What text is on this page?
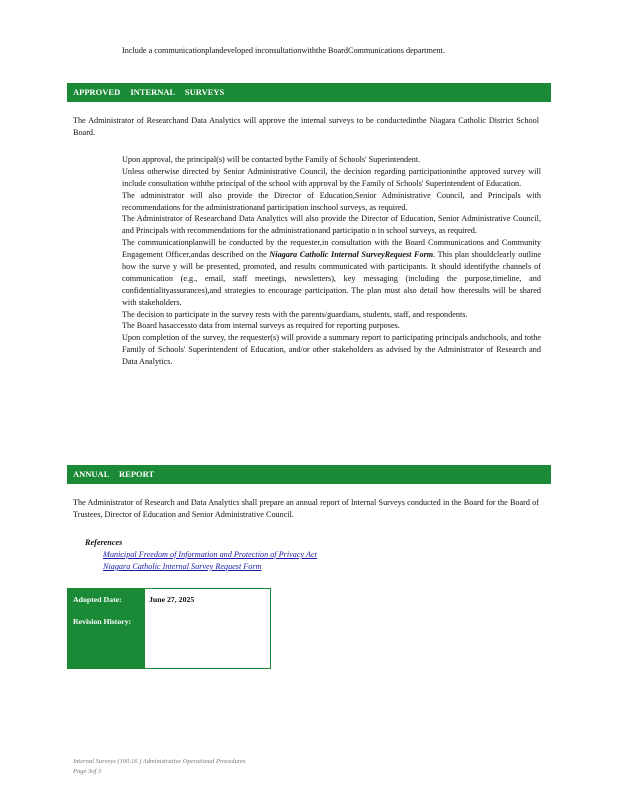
Include a communicationplandeveloped inconsultationwiththe BoardCommunications department.
APPROVED INTERNAL SURVEYS
The Administrator of Researchand Data Analytics will approve the internal surveys to be conductedinthe Niagara Catholic District School Board.
Upon approval, the principal(s) will be contacted bythe Family of Schools' Superintendent.
Unless otherwise directed by Senior Administrative Council, the decision regarding participationinthe approved survey will include consultation withthe principal of the school with approval by the Family of Schools' Superintendent of Education.
The administrator will also provide the Director of Education,Senior Administrative Council, and Principals with recommendations for the administrationand participation inschool surveys, as required.
The Administrator of Researchand Data Analytics will also provide the Director of Education, Senior Administrative Council, and Principals with recommendations for the administrationand participatio n in school surveys, as required.
The communicationplanwill be conducted by the requester,in consultation with the Board Communications and Community Engagement Officer,andas described on the Niagara Catholic Internal SurveyRequest Form. This plan shouldclearly outline how the surve y will be presented, promoted, and results communicated with participants. It should identifythe channels of communication (e.g., email, staff meetings, newsletters), key messaging (including the purpose,timeline, and confidentialityassurances),and strategies to encourage participation. The plan must also detail how theresults will be shared with stakeholders.
The decision to participate in the survey rests with the parents/guardians, students, staff, and respondents.
The Board hasaccessto data from internal surveys as required for reporting purposes.
Upon completion of the survey, the requester(s) will provide a summary report to participating principals andschools, and tothe Family of Schools' Superintendent of Education, and/or other stakeholders as advised by the Administrator of Research and Data Analytics.
ANNUAL REPORT
The Administrator of Research and Data Analytics shall prepare an annual report of Internal Surveys conducted in the Board for the Board of Trustees, Director of Education and Senior Administrative Council.
References
Municipal Freedom of Information and Protection of Privacy Act
Niagara Catholic Internal Survey Request Form
Adopted Date:
Revision History:
June 27, 2025
Internal Surveys (100.16 ) Administrative Operational Procedures
Page 3of 3
